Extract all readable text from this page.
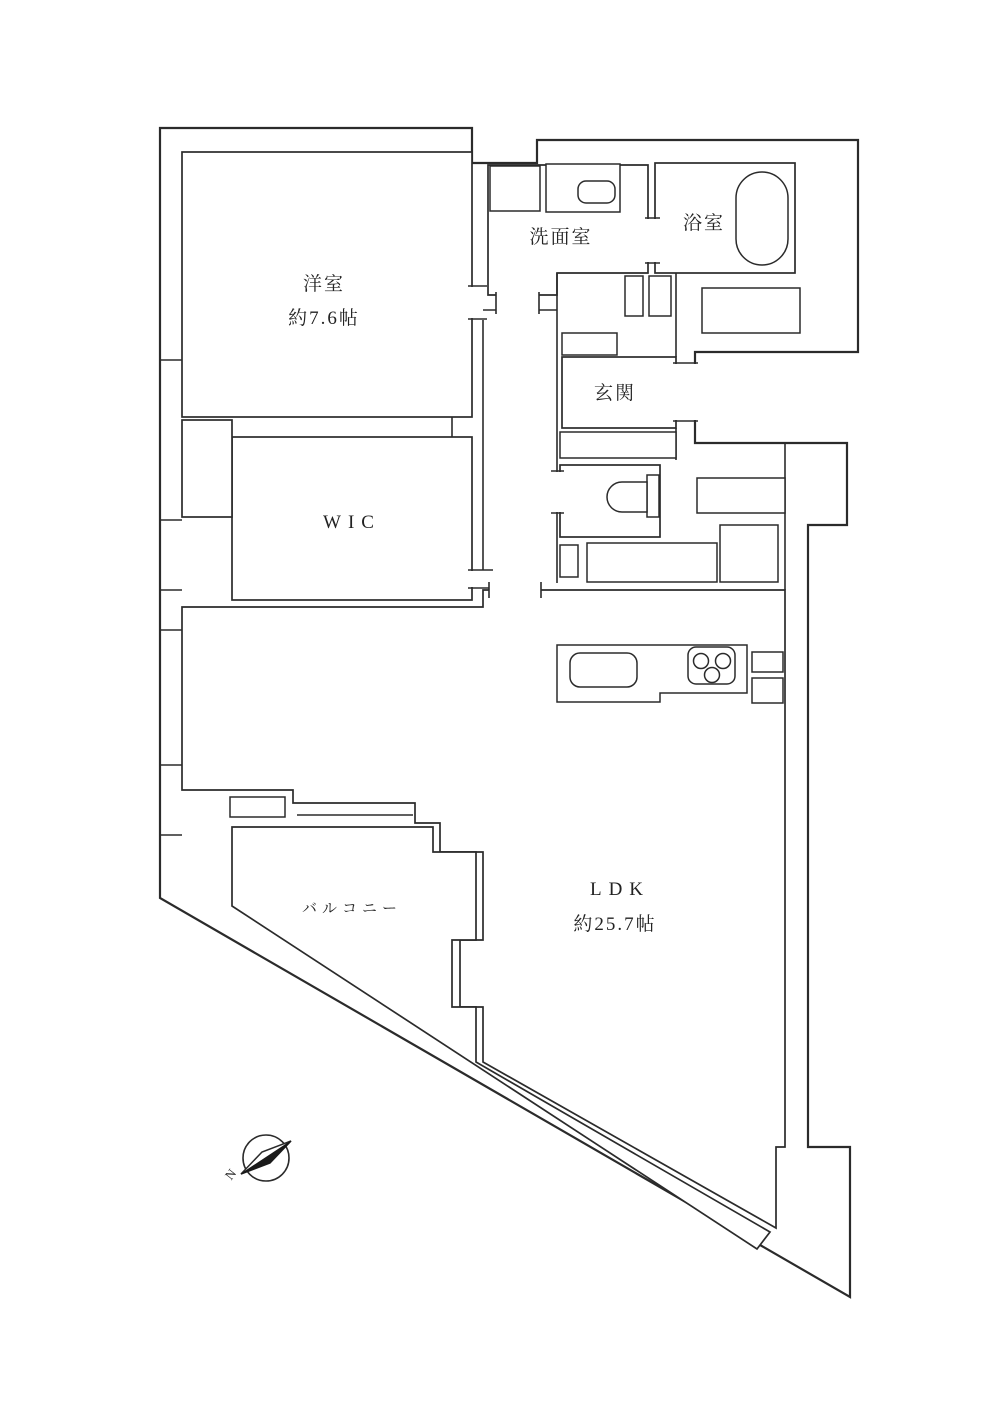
洋室
約7.6帖
WIC
洗面室
浴室
玄関
バルコニー
LDK
約25.7帖
N
